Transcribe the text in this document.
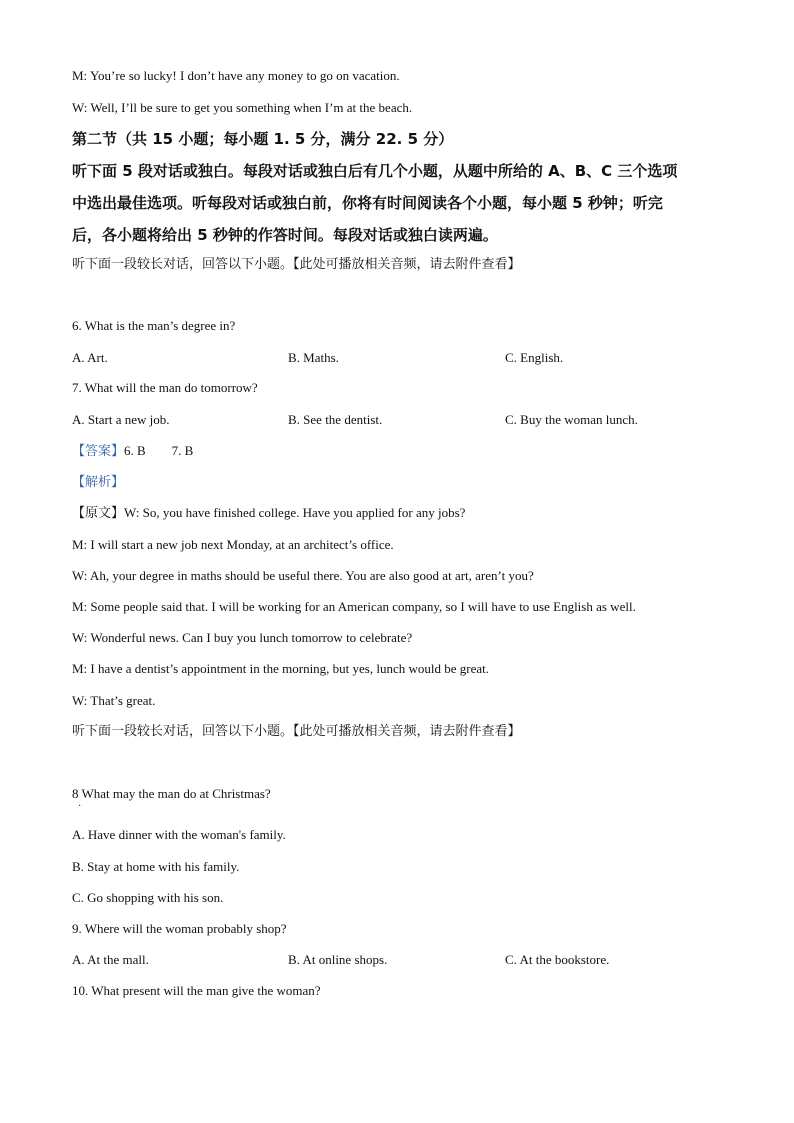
M: You’re so lucky! I don’t have any money to go on vacation.
W: Well, I’ll be sure to get you something when I’m at the beach.
第二节（共 15 小题；每小题 1. 5 分，满分 22. 5 分）
听下面 5 段对话或独白。每段对话或独白后有几个小题，从题中所给的 A、B、C 三个选项
中选出最佳选项。听每段对话或独白前，你将有时间阅读各个小题，每小题 5 秒钟；听完
后，各小题将给出 5 秒钟的作答时间。每段对话或独白读两遍。
听下面一段较长对话，回答以下小题。【此处可播放相关音频，请去附件查看】
6. What is the man’s degree in?
A. Art.	B. Maths.	C. English.
7. What will the man do tomorrow?
A. Start a new job.	B. See the dentist.	C. Buy the woman lunch.
【答案】6. B        7. B
【解析】
【原文】W: So, you have finished college. Have you applied for any jobs?
M: I will start a new job next Monday, at an architect’s office.
W: Ah, your degree in maths should be useful there. You are also good at art, aren’t you?
M: Some people said that. I will be working for an American company, so I will have to use English as well.
W: Wonderful news. Can I buy you lunch tomorrow to celebrate?
M: I have a dentist’s appointment in the morning, but yes, lunch would be great.
W: That’s great.
听下面一段较长对话，回答以下小题。【此处可播放相关音频，请去附件查看】
8 What may the man do at Christmas?
·
A. Have dinner with the woman's family.
B. Stay at home with his family.
C. Go shopping with his son.
9. Where will the woman probably shop?
A. At the mall.	B. At online shops.	C. At the bookstore.
10. What present will the man give the woman?
